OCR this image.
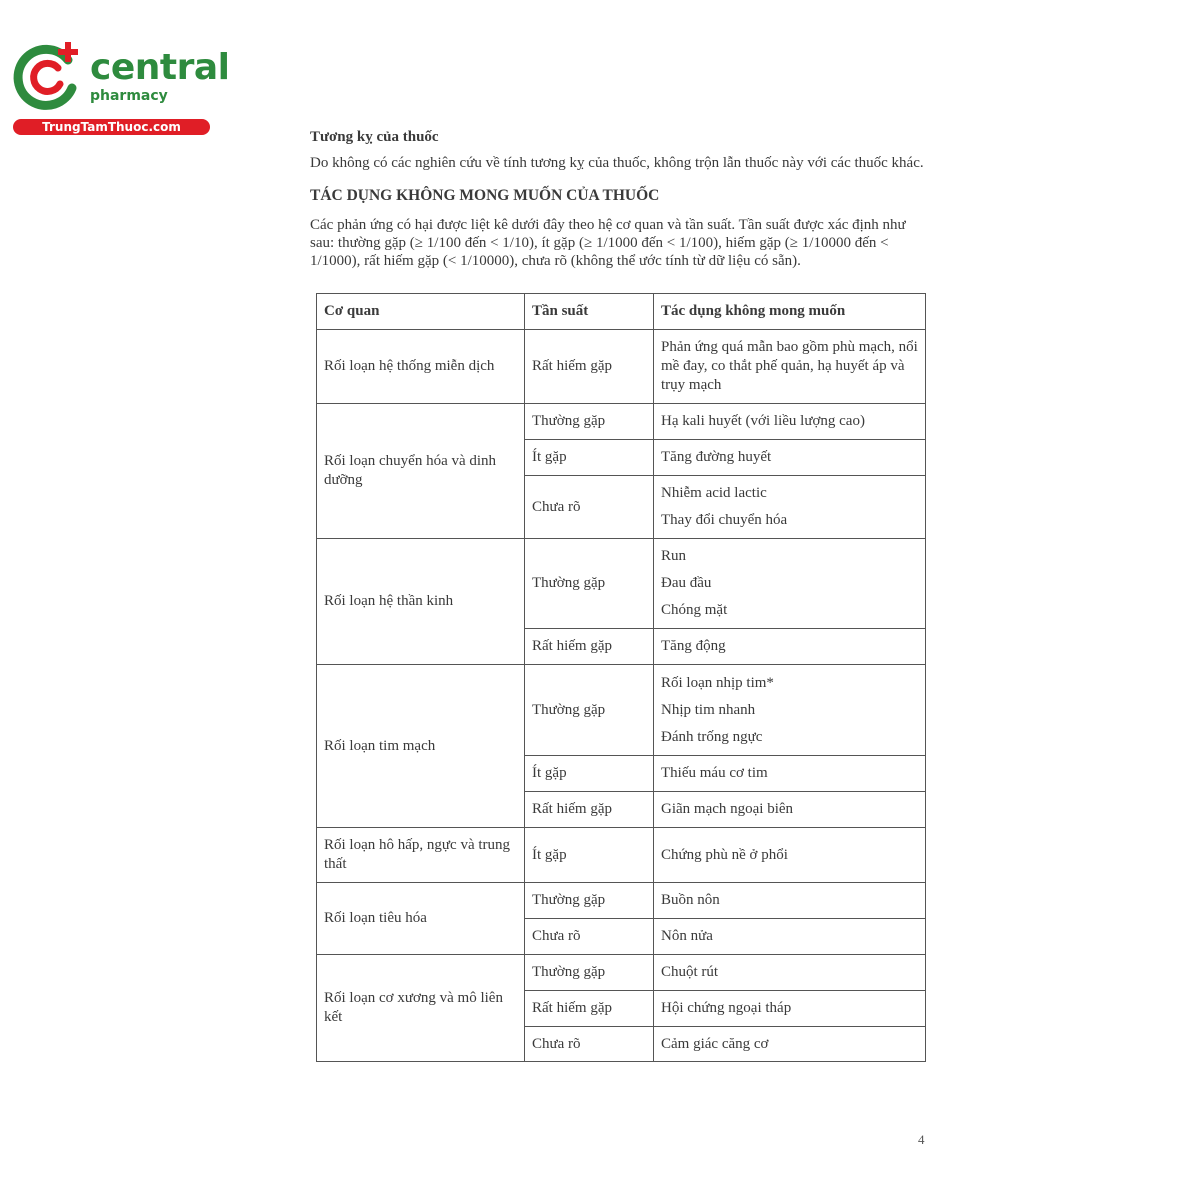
central
pharmacy
TrungTamThuoc.com

Tương kỵ của thuốc

Do không có các nghiên cứu về tính tương kỵ của thuốc, không trộn lẫn thuốc này với các thuốc khác.

TÁC DỤNG KHÔNG MONG MUỐN CỦA THUỐC

Các phản ứng có hại được liệt kê dưới đây theo hệ cơ quan và tần suất. Tần suất được xác định như sau: thường gặp (≥ 1/100 đến < 1/10), ít gặp (≥ 1/1000 đến < 1/100), hiếm gặp (≥ 1/10000 đến < 1/1000), rất hiếm gặp (< 1/10000), chưa rõ (không thể ước tính từ dữ liệu có sẵn).

Cơ quan	Tần suất	Tác dụng không mong muốn
Rối loạn hệ thống miễn dịch	Rất hiếm gặp	Phản ứng quá mẫn bao gồm phù mạch, nổi mề đay, co thắt phế quản, hạ huyết áp và trụy mạch
Rối loạn chuyển hóa và dinh dưỡng	Thường gặp	Hạ kali huyết (với liều lượng cao)

	Ít gặp	Tăng đường huyết

	Chưa rõ	Nhiễm acid lactic
Thay đổi chuyển hóa

Rối loạn hệ thần kinh	Thường gặp	Run
Đau đầu
Chóng mặt

	Rất hiếm gặp	Tăng động

Rối loạn tim mạch	Thường gặp	Rối loạn nhịp tim*
Nhịp tim nhanh
Đánh trống ngực

	Ít gặp	Thiếu máu cơ tim

	Rất hiếm gặp	Giãn mạch ngoại biên

Rối loạn hô hấp, ngực và trung thất	Ít gặp	Chứng phù nề ở phổi

Rối loạn tiêu hóa	Thường gặp	Buồn nôn

	Chưa rõ	Nôn nửa

Rối loạn cơ xương và mô liên kết	Thường gặp	Chuột rút

	Rất hiếm gặp	Hội chứng ngoại tháp

	Chưa rõ	Cảm giác căng cơ
4
